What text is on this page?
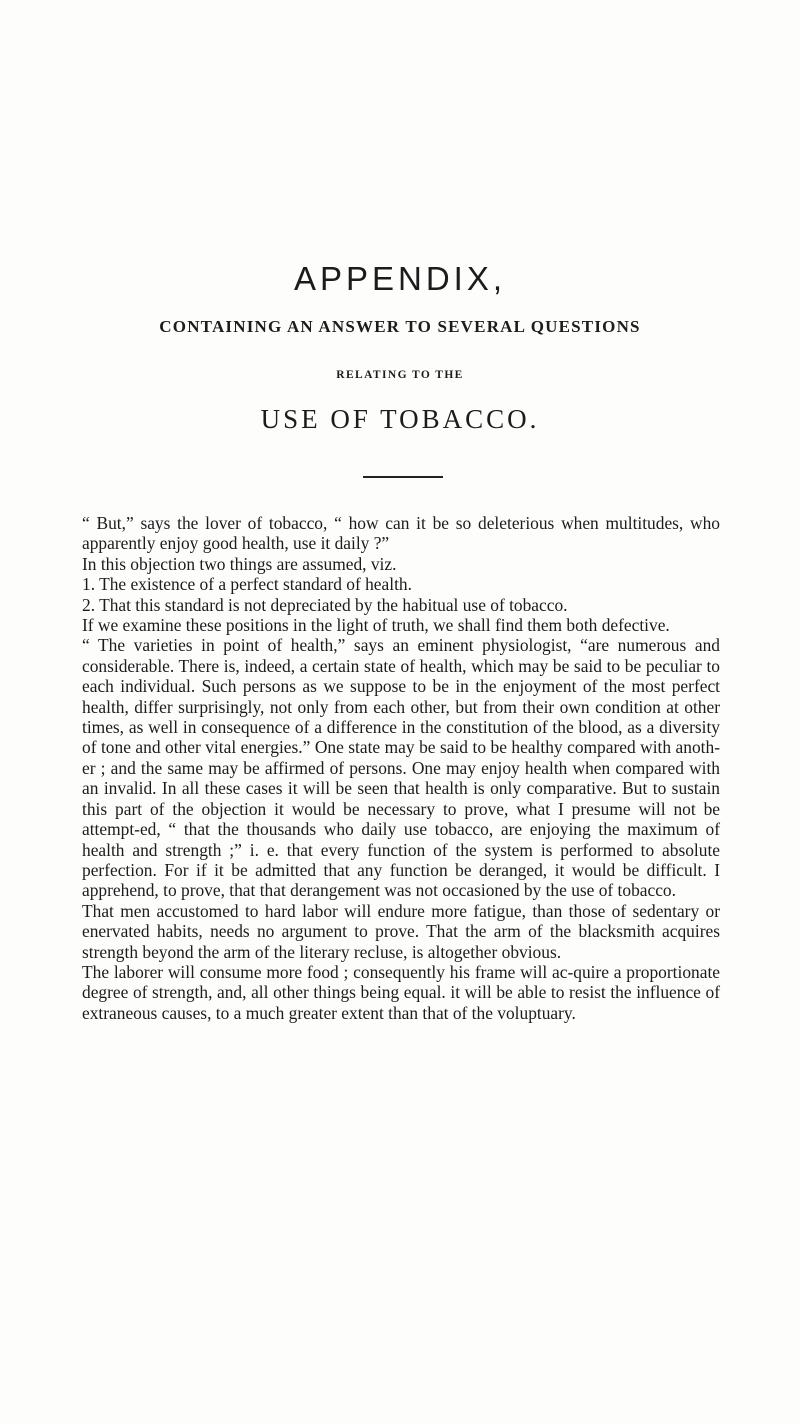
APPENDIX,
CONTAINING AN ANSWER TO SEVERAL QUESTIONS
RELATING TO THE
USE OF TOBACCO.

“ But,” says the lover of tobacco, “ how can it be so deleterious when multitudes, who apparently enjoy good health, use it daily ?”

In this objection two things are assumed, viz.

1. The existence of a perfect standard of health.

2. That this standard is not depreciated by the habitual use of tobacco.

If we examine these positions in the light of truth, we shall find them both defective.

“ The varieties in point of health,” says an eminent physiologist, “are numerous and considerable. There is, indeed, a certain state of health, which may be said to be peculiar to each individual. Such persons as we suppose to be in the enjoyment of the most perfect health, differ surprisingly, not only from each other, but from their own condition at other times, as well in consequence of a difference in the constitution of the blood, as a diversity of tone and other vital energies.” One state may be said to be healthy compared with anoth-er ; and the same may be affirmed of persons. One may enjoy health when compared with an invalid. In all these cases it will be seen that health is only comparative. But to sustain this part of the objection it would be necessary to prove, what I presume will not be attempt-ed, “ that the thousands who daily use tobacco, are enjoying the maximum of health and strength ;” i. e. that every function of the system is performed to absolute perfection. For if it be admitted that any function be deranged, it would be difficult. I apprehend, to prove, that that derangement was not occasioned by the use of tobacco.

That men accustomed to hard labor will endure more fatigue, than those of sedentary or enervated habits, needs no argument to prove. That the arm of the blacksmith acquires strength beyond the arm of the literary recluse, is altogether obvious.

The laborer will consume more food ; consequently his frame will ac-quire a proportionate degree of strength, and, all other things being equal. it will be able to resist the influence of extraneous causes, to a much greater extent than that of the voluptuary.
